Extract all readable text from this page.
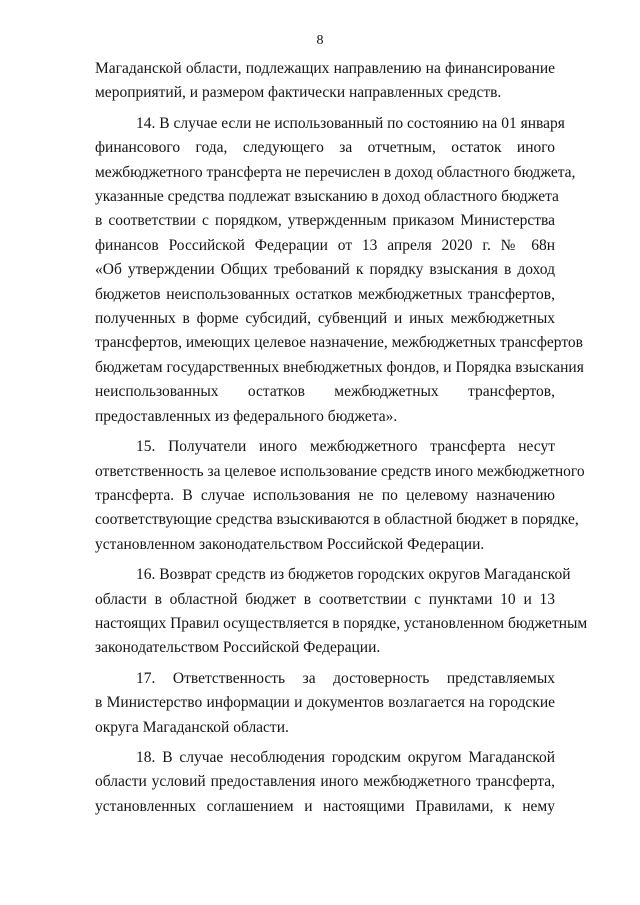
8
Магаданской области, подлежащих направлению на финансирование
мероприятий, и размером фактически направленных средств.
14. В случае если не использованный по состоянию на 01 января
финансового года, следующего за отчетным, остаток иного
межбюджетного трансферта не перечислен в доход областного бюджета,
указанные средства подлежат взысканию в доход областного бюджета
в соответствии с порядком, утвержденным приказом Министерства
финансов Российской Федерации от 13 апреля 2020 г. № 68н
«Об утверждении Общих требований к порядку взыскания в доход
бюджетов неиспользованных остатков межбюджетных трансфертов,
полученных в форме субсидий, субвенций и иных межбюджетных
трансфертов, имеющих целевое назначение, межбюджетных трансфертов
бюджетам государственных внебюджетных фондов, и Порядка взыскания
неиспользованных остатков межбюджетных трансфертов,
предоставленных из федерального бюджета».
15. Получатели иного межбюджетного трансферта несут
ответственность за целевое использование средств иного межбюджетного
трансферта. В случае использования не по целевому назначению
соответствующие средства взыскиваются в областной бюджет в порядке,
установленном законодательством Российской Федерации.
16. Возврат средств из бюджетов городских округов Магаданской
области в областной бюджет в соответствии с пунктами 10 и 13
настоящих Правил осуществляется в порядке, установленном бюджетным
законодательством Российской Федерации.
17. Ответственность за достоверность представляемых
в Министерство информации и документов возлагается на городские
округа Магаданской области.
18. В случае несоблюдения городским округом Магаданской
области условий предоставления иного межбюджетного трансферта,
установленных соглашением и настоящими Правилами, к нему
